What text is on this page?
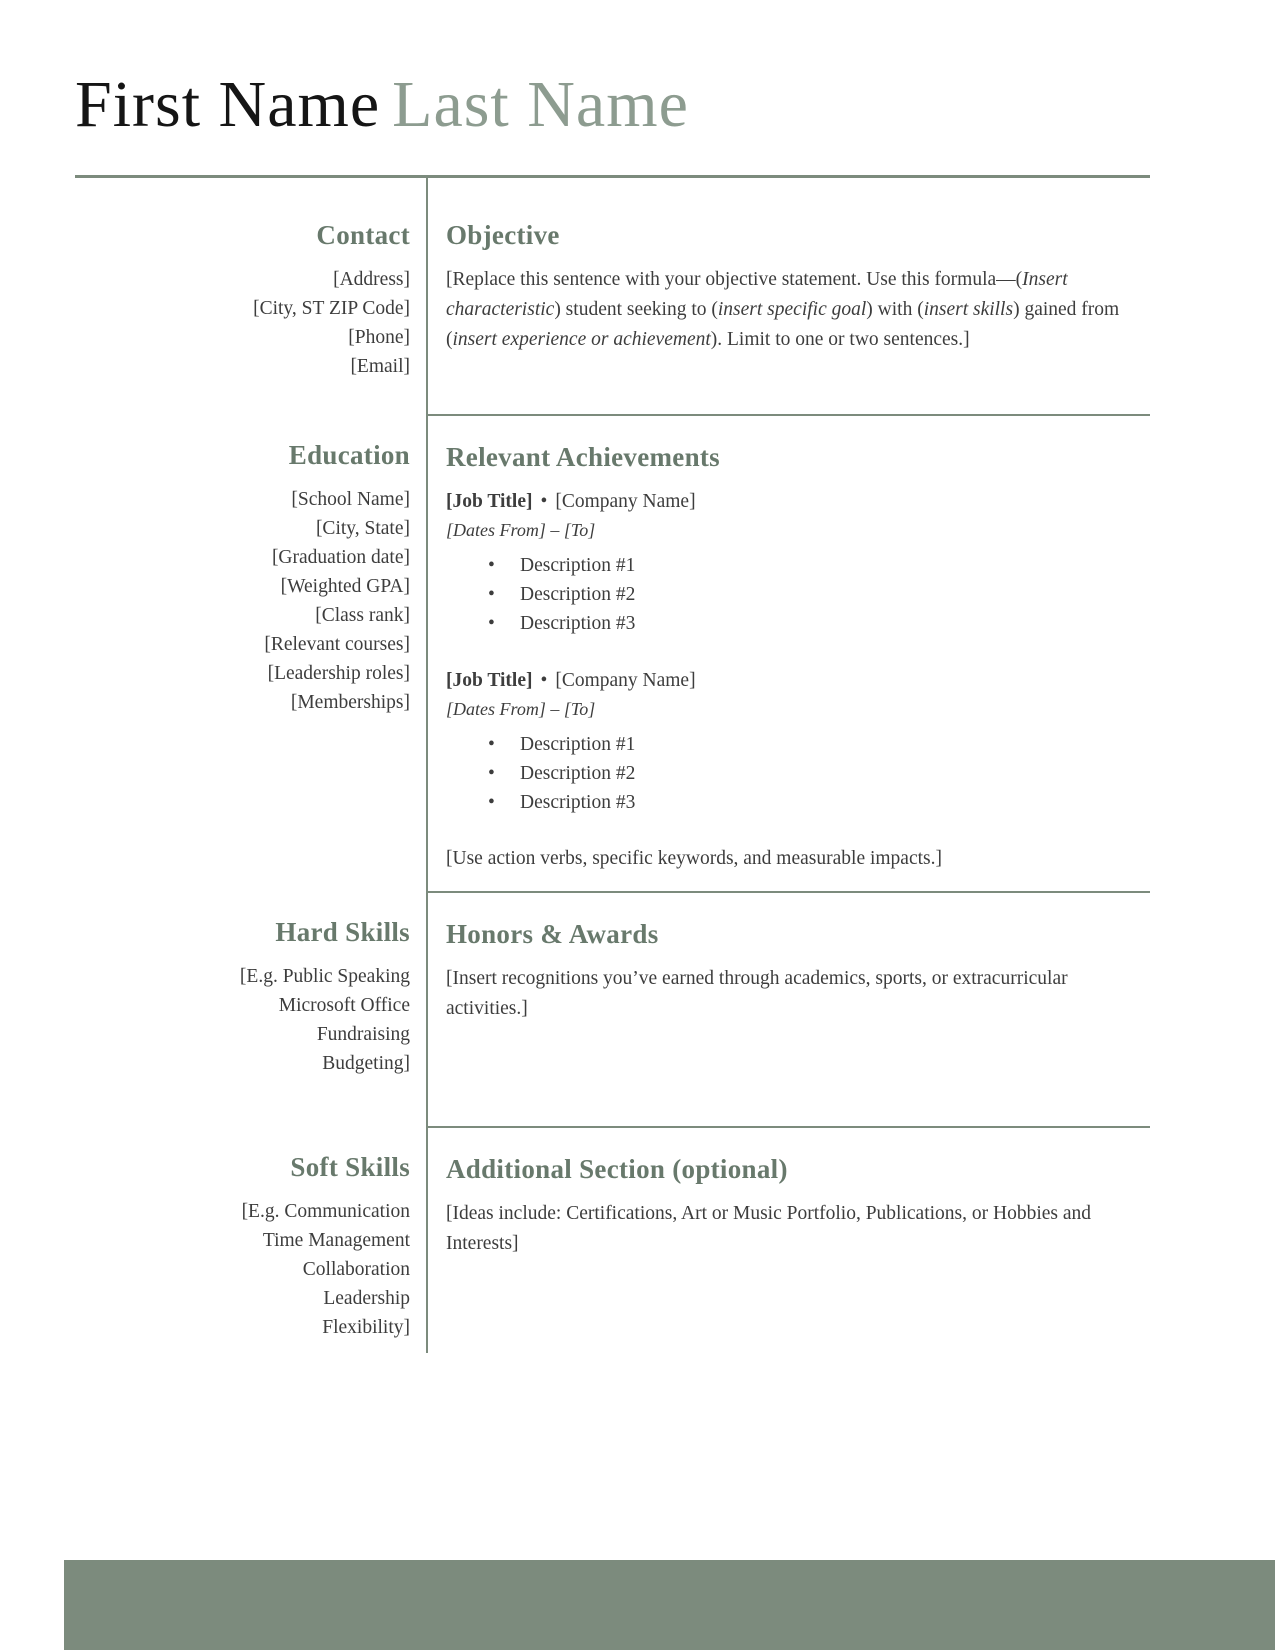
First Name Last Name
Contact
[Address]
[City, ST ZIP Code]
[Phone]
[Email]
Objective

[Replace this sentence with your objective statement. Use this formula—(Insert characteristic) student seeking to (insert specific goal) with (insert skills) gained from (insert experience or achievement). Limit to one or two sentences.]

Education
[School Name]
[City, State]
[Graduation date]
[Weighted GPA]
[Class rank]
[Relevant courses]
[Leadership roles]
[Memberships]
Relevant Achievements
[Job Title] • [Company Name]
[Dates From] – [To]
•	Description #1
•	Description #2
•	Description #3
[Job Title] • [Company Name]
[Dates From] – [To]
•	Description #1
•	Description #2
•	Description #3
[Use action verbs, specific keywords, and measurable impacts.]
Hard Skills
[E.g. Public Speaking
Microsoft Office
Fundraising
Budgeting]
Honors & Awards

[Insert recognitions you’ve earned through academics, sports, or extracurricular activities.]

Soft Skills
[E.g. Communication
Time Management
Collaboration
Leadership
Flexibility]
Additional Section (optional)

[Ideas include: Certifications, Art or Music Portfolio, Publications, or Hobbies and Interests]
